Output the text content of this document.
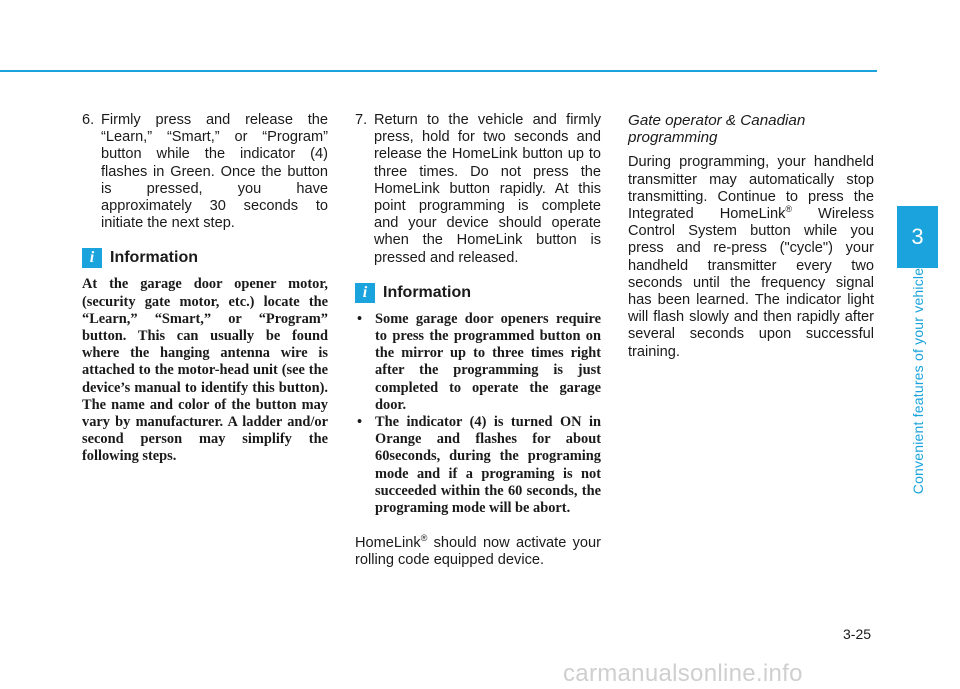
6. Firmly press and release the “Learn,” “Smart,” or “Program” button while the indicator (4) flashes in Green. Once the button is pressed, you have approximately 30 seconds to initiate the next step.
i Information
At the garage door opener motor, (security gate motor, etc.) locate the “Learn,” “Smart,” or “Program” button. This can usually be found where the hanging antenna wire is attached to the motor-head unit (see the device’s manual to identify this button). The name and color of the button may vary by manufacturer. A ladder and/or second person may simplify the following steps.
7. Return to the vehicle and firmly press, hold for two seconds and release the HomeLink button up to three times. Do not press the HomeLink button rapidly. At this point programming is complete and your device should operate when the HomeLink button is pressed and released.
i Information
• Some garage door openers require to press the programmed button on the mirror up to three times right after the programming is just completed to operate the garage door.
• The indicator (4) is turned ON in Orange and flashes for about 60seconds, during the programing mode and if a programing is not succeeded within the 60 seconds, the programing mode will be abort.
HomeLink® should now activate your rolling code equipped device.
Gate operator & Canadian programming
During programming, your handheld transmitter may automatically stop transmitting. Continue to press the Integrated HomeLink® Wireless Control System button while you press and re-press ("cycle") your handheld transmitter every two seconds until the frequency signal has been learned. The indicator light will flash slowly and then rapidly after several seconds upon successful training.
3
Convenient features of your vehicle
3-25
carmanualsonline.info
